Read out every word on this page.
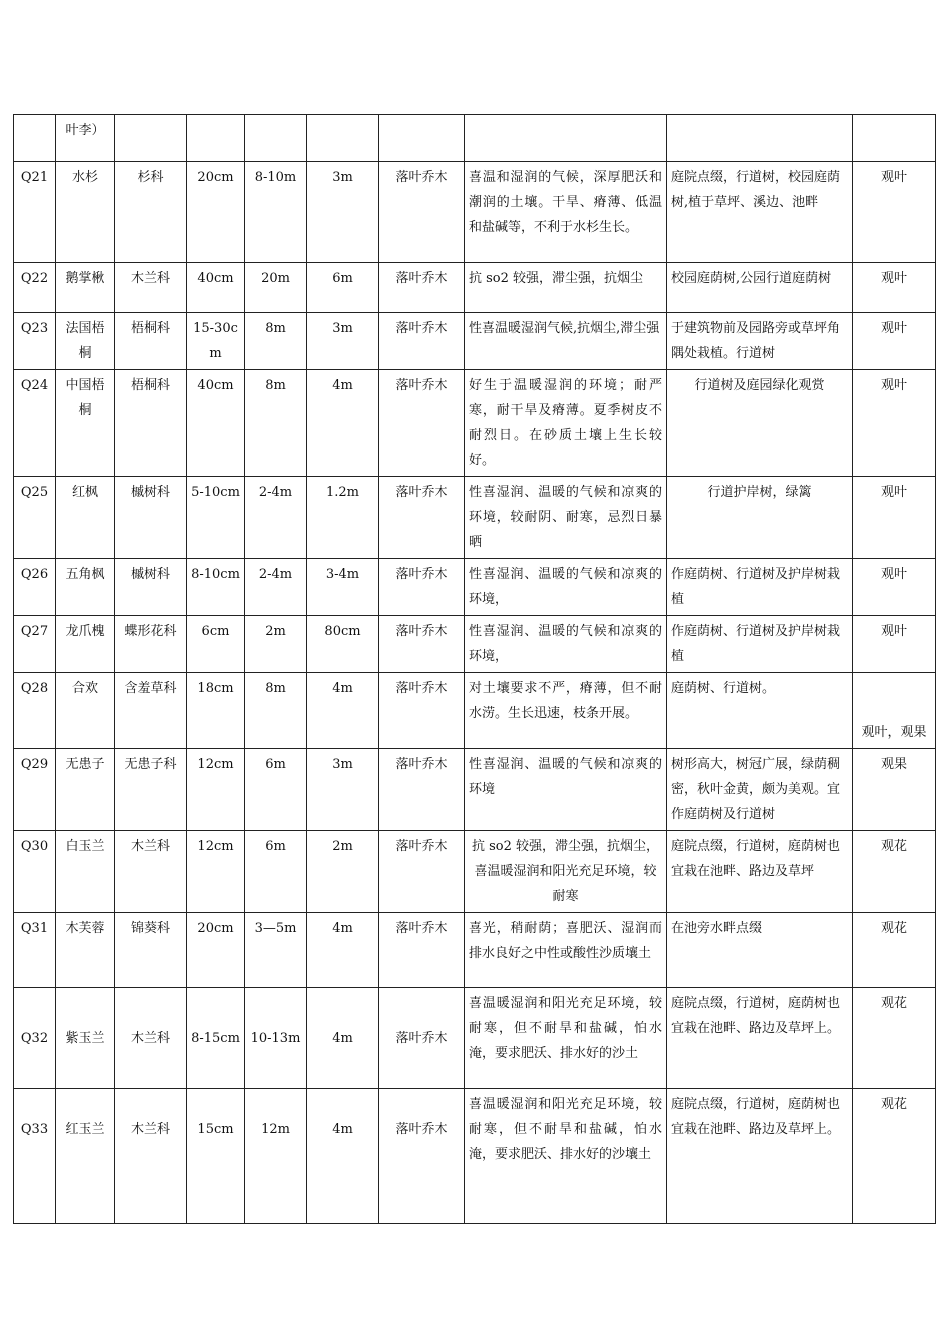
	叶李）								
Q21	水杉	杉科	20cm	8-10m	3m	落叶乔木	喜温和湿润的气候，深厚肥沃和潮润的土壤。干旱、瘠薄、低温和盐碱等，不利于水杉生长。	庭院点缀，行道树，校园庭荫树,植于草坪、溪边、池畔	观叶
Q22	鹅掌楸	木兰科	40cm	20m	6m	落叶乔木	抗 so2 较强，滞尘强，抗烟尘	校园庭荫树,公园行道庭荫树	观叶
Q23	法国梧桐	梧桐科	15-30cm	8m	3m	落叶乔木	性喜温暖湿润气候,抗烟尘,滞尘强	于建筑物前及园路旁或草坪角隅处栽植。行道树	观叶
Q24	中国梧桐	梧桐科	40cm	8m	4m	落叶乔木	好生于温暖湿润的环境；耐严寒，耐干旱及瘠薄。夏季树皮不耐烈日。在砂质土壤上生长较好。	行道树及庭园绿化观赏	观叶
Q25	红枫	槭树科	5-10cm	2-4m	1.2m	落叶乔木	性喜湿润、温暖的气候和凉爽的环境，较耐阴、耐寒，忌烈日暴晒	行道护岸树，绿篱	观叶
Q26	五角枫	槭树科	8-10cm	2-4m	3-4m	落叶乔木	性喜湿润、温暖的气候和凉爽的环境，	作庭荫树、行道树及护岸树栽植	观叶
Q27	龙爪槐	蝶形花科	6cm	2m	80cm	落叶乔木	性喜湿润、温暖的气候和凉爽的环境，	作庭荫树、行道树及护岸树栽植	观叶
Q28	合欢	含羞草科	18cm	8m	4m	落叶乔木	对土壤要求不严，瘠薄，但不耐水涝。生长迅速，枝条开展。	庭荫树、行道树。	观叶，观果
Q29	无患子	无患子科	12cm	6m	3m	落叶乔木	性喜湿润、温暖的气候和凉爽的环境	树形高大，树冠广展，绿荫稠密，秋叶金黄，颇为美观。宜作庭荫树及行道树	观果
Q30	白玉兰	木兰科	12cm	6m	2m	落叶乔木	抗 so2 较强，滞尘强，抗烟尘，喜温暖湿润和阳光充足环境，较耐寒	庭院点缀，行道树，庭荫树也宜栽在池畔、路边及草坪	观花
Q31	木芙蓉	锦葵科	20cm	3—5m	4m	落叶乔木	喜光，稍耐荫；喜肥沃、湿润而排水良好之中性或酸性沙质壤土	在池旁水畔点缀	观花
Q32	紫玉兰	木兰科	8-15cm	10-13m	4m	落叶乔木	喜温暖湿润和阳光充足环境，较耐寒，但不耐旱和盐碱，怕水淹，要求肥沃、排水好的沙土	庭院点缀，行道树，庭荫树也宜栽在池畔、路边及草坪上。	观花
Q33	红玉兰	木兰科	15cm	12m	4m	落叶乔木	喜温暖湿润和阳光充足环境，较耐寒，但不耐旱和盐碱，怕水淹，要求肥沃、排水好的沙壤土	庭院点缀，行道树，庭荫树也宜栽在池畔、路边及草坪上。	观花
